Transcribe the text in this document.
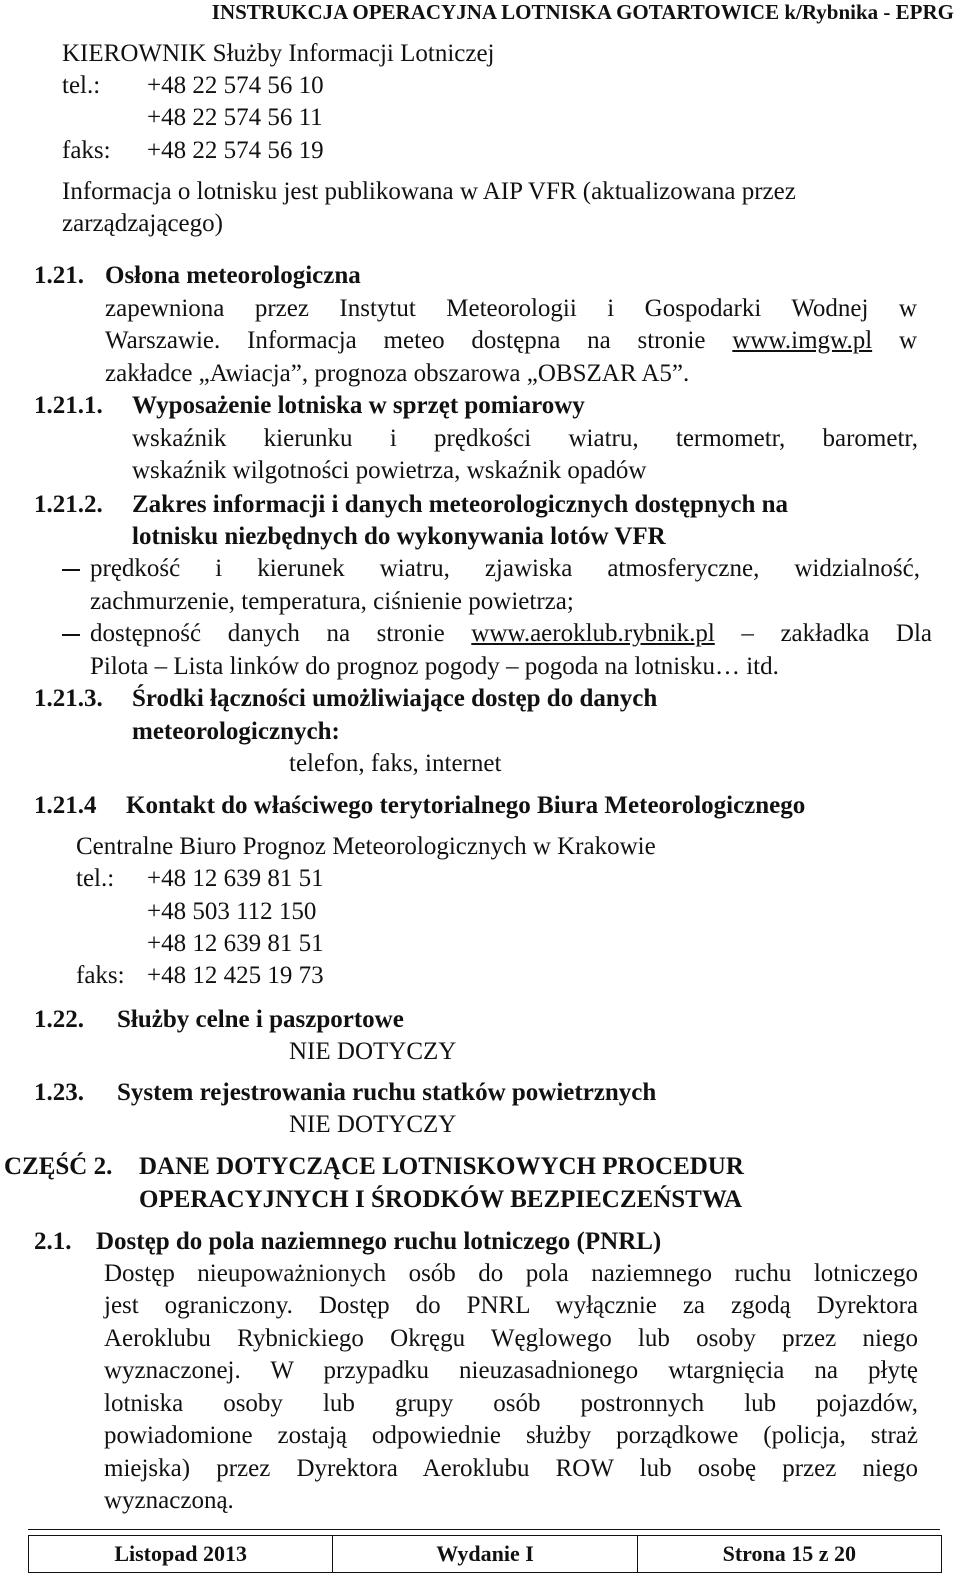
INSTRUKCJA OPERACYJNA LOTNISKA GOTARTOWICE k/Rybnika - EPRG
KIEROWNIK Służby Informacji Lotniczej
tel.: +48 22 574 56 10
+48 22 574 56 11
faks: +48 22 574 56 19
Informacja o lotnisku jest publikowana w AIP VFR (aktualizowana przez
zarządzającego)
1.21. Osłona meteorologiczna
zapewniona przez Instytut Meteorologii i Gospodarki Wodnej w
Warszawie. Informacja meteo dostępna na stronie www.imgw.pl w
zakładce „Awiacja”, prognoza obszarowa „OBSZAR A5”.
1.21.1. Wyposażenie lotniska w sprzęt pomiarowy
wskaźnik kierunku i prędkości wiatru, termometr, barometr,
wskaźnik wilgotności powietrza, wskaźnik opadów
1.21.2. Zakres informacji i danych meteorologicznych dostępnych na
lotnisku niezbędnych do wykonywania lotów VFR
prędkość i kierunek wiatru, zjawiska atmosferyczne, widzialność,
zachmurzenie, temperatura, ciśnienie powietrza;
dostępność danych na stronie www.aeroklub.rybnik.pl – zakładka Dla
Pilota – Lista linków do prognoz pogody – pogoda na lotnisku… itd.
1.21.3. Środki łączności umożliwiające dostęp do danych
meteorologicznych:
telefon, faks, internet
1.21.4 Kontakt do właściwego terytorialnego Biura Meteorologicznego
Centralne Biuro Prognoz Meteorologicznych w Krakowie
tel.: +48 12 639 81 51
+48 503 112 150
+48 12 639 81 51
faks: +48 12 425 19 73
1.22. Służby celne i paszportowe
NIE DOTYCZY
1.23. System rejestrowania ruchu statków powietrznych
NIE DOTYCZY
CZĘŚĆ 2. DANE DOTYCZĄCE LOTNISKOWYCH PROCEDUR
OPERACYJNYCH I ŚRODKÓW BEZPIECZEŃSTWA
2.1. Dostęp do pola naziemnego ruchu lotniczego (PNRL)
Dostęp nieupoważnionych osób do pola naziemnego ruchu lotniczego
jest ograniczony. Dostęp do PNRL wyłącznie za zgodą Dyrektora
Aeroklubu Rybnickiego Okręgu Węglowego lub osoby przez niego
wyznaczonej. W przypadku nieuzasadnionego wtargnięcia na płytę
lotniska osoby lub grupy osób postronnych lub pojazdów,
powiadomione zostają odpowiednie służby porządkowe (policja, straż
miejska) przez Dyrektora Aeroklubu ROW lub osobę przez niego
wyznaczoną.
Listopad 2013	Wydanie I	Strona 15 z 20
